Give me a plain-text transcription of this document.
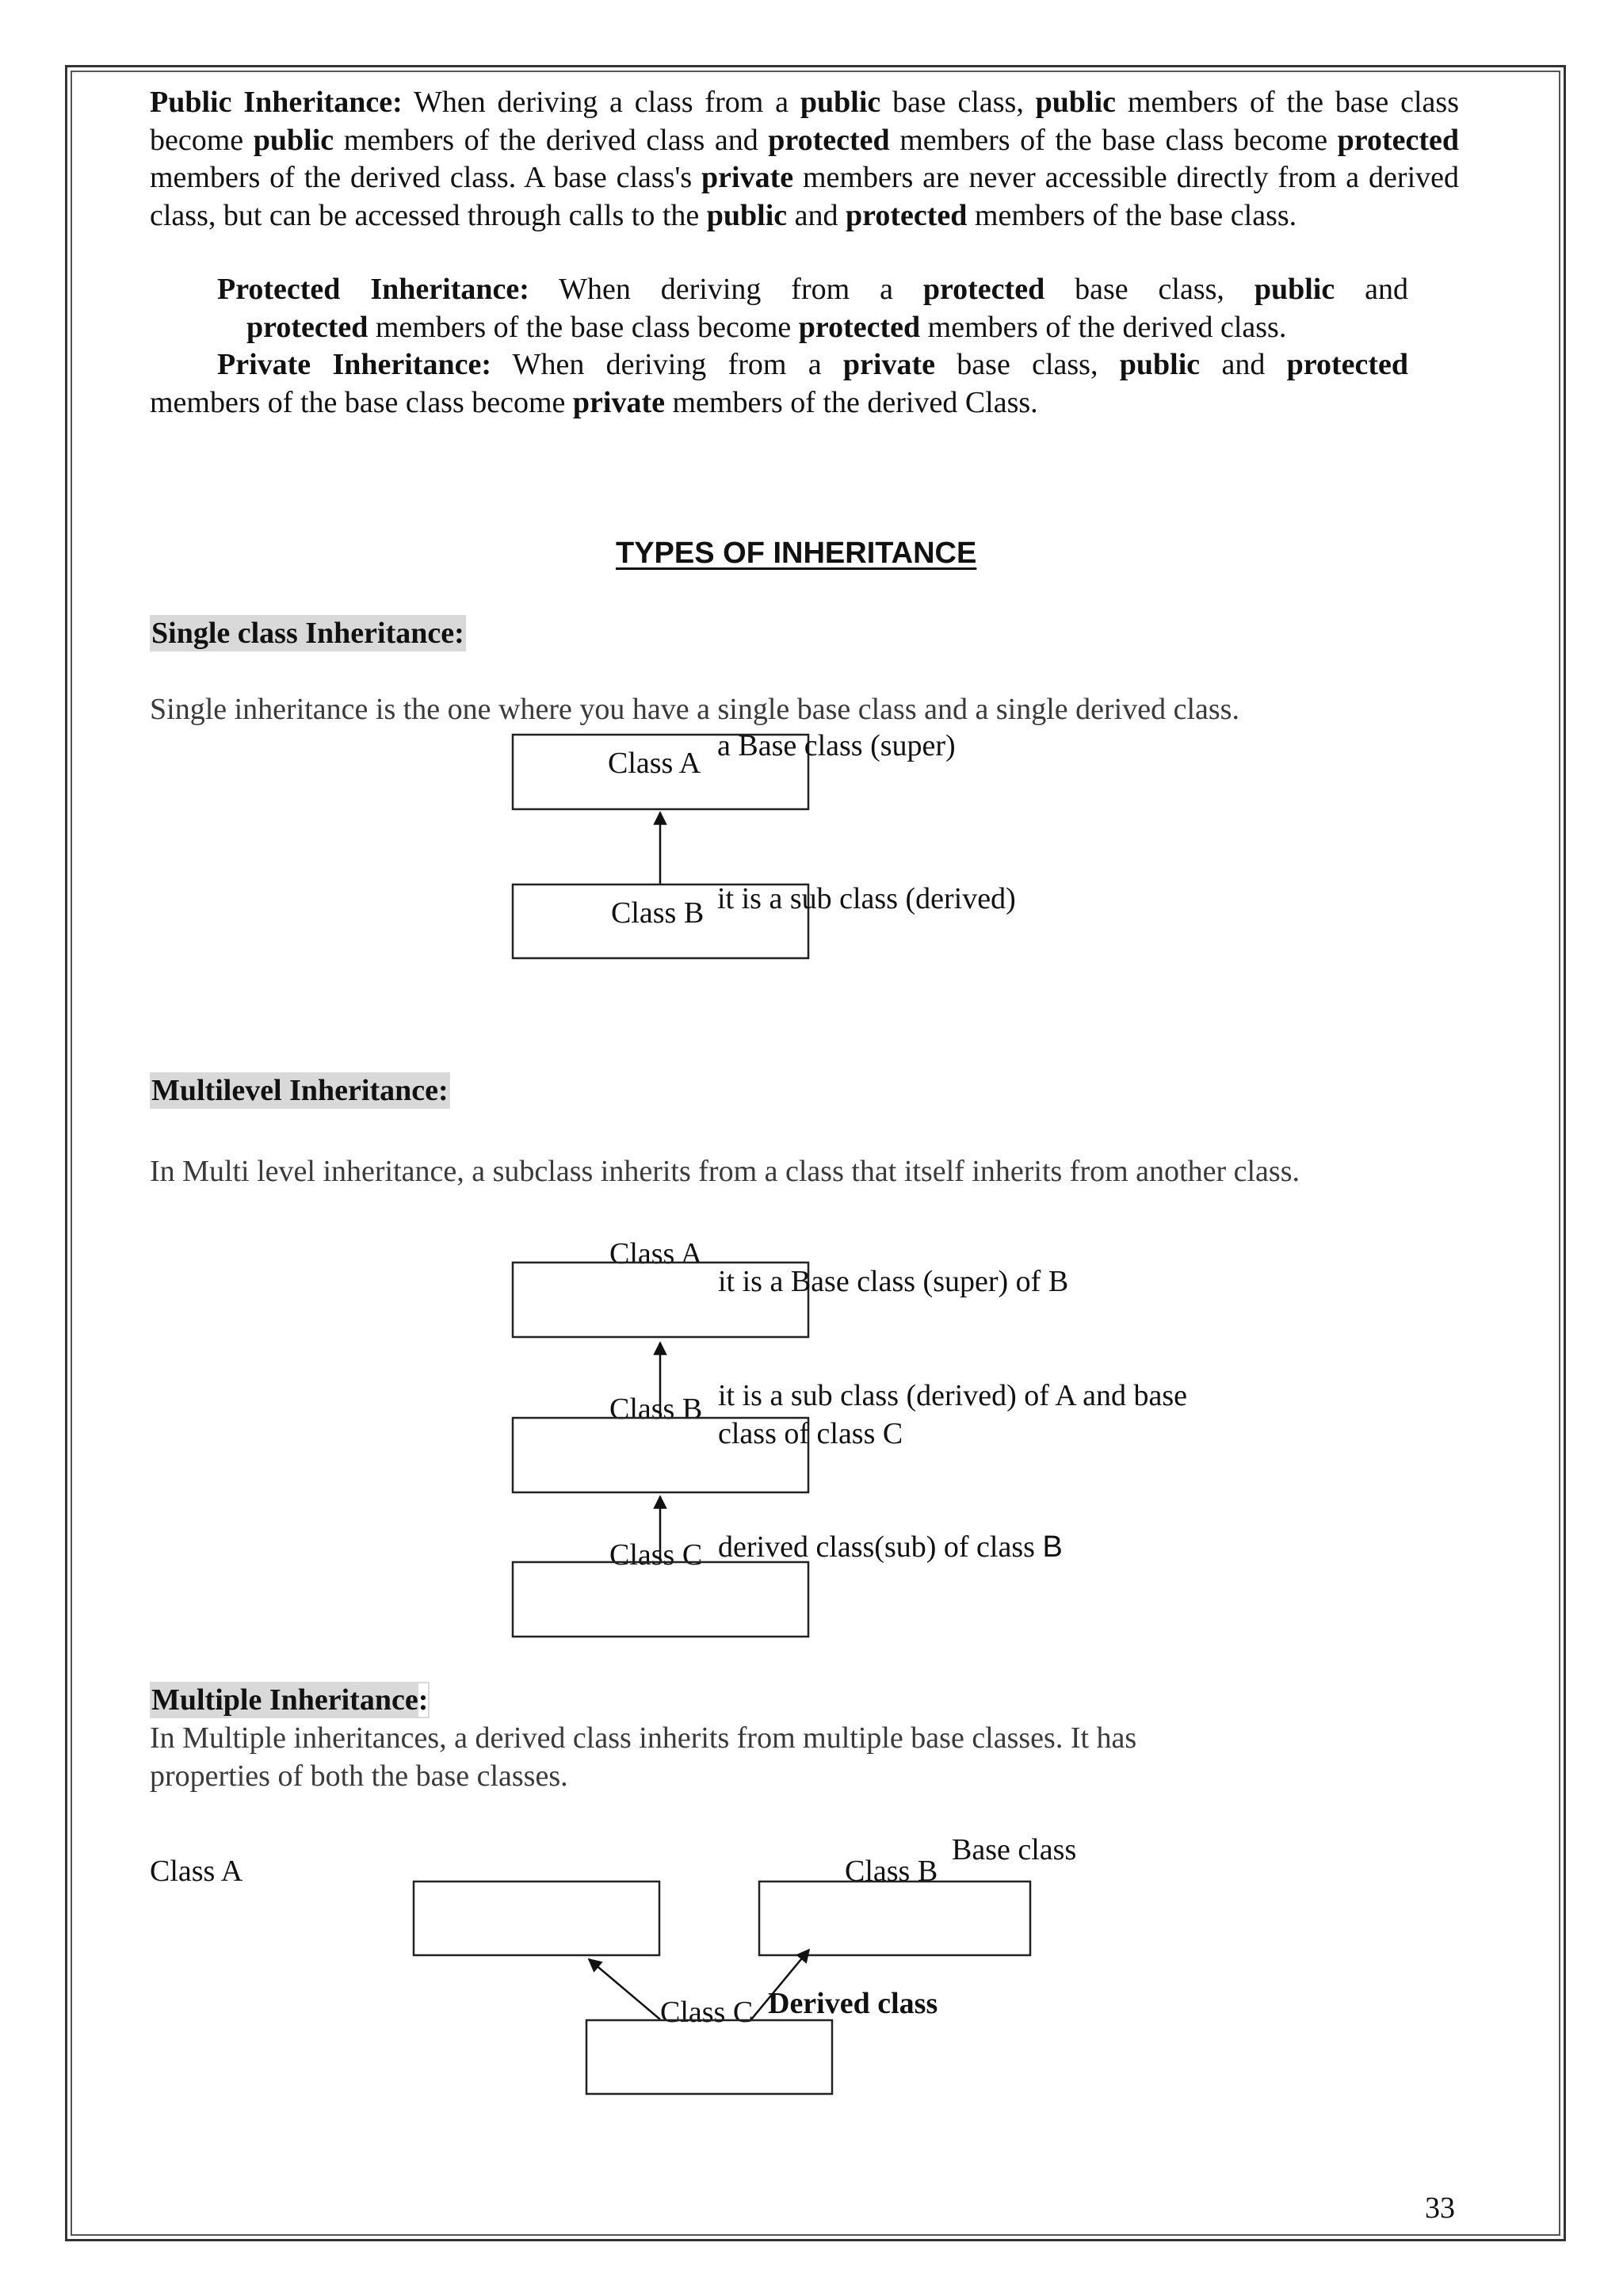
Public Inheritance: When deriving a class from a public base class, public members of the base class become public members of the derived class and protected members of the base class become protected members of the derived class. A base class's private members are never accessible directly from a derived class, but can be accessed through calls to the public and protected members of the base class.

Protected Inheritance: When deriving from a protected base class, public and
protected members of the base class become protected members of the derived class.

Private Inheritance: When deriving from a private base class, public and protected
members of the base class become private members of the derived Class.

TYPES OF INHERITANCE

Single class Inheritance:

Single inheritance is the one where you have a single base class and a single derived class.

Multilevel Inheritance:

In Multi level inheritance, a subclass inherits from a class that itself inherits from another class.

Multiple Inheritance:

In Multiple inheritances, a derived class inherits from multiple base classes. It has
properties of both the base classes.

Class A
a Base class (super)
Class B it is a sub class (derived)
Class A
it is a Base class (super) of B
Class B it is a sub class (derived) of A and base
class of class C
Class C derived class(sub) of class B
Class A	Class B
Base class
Class C Derived class

33
